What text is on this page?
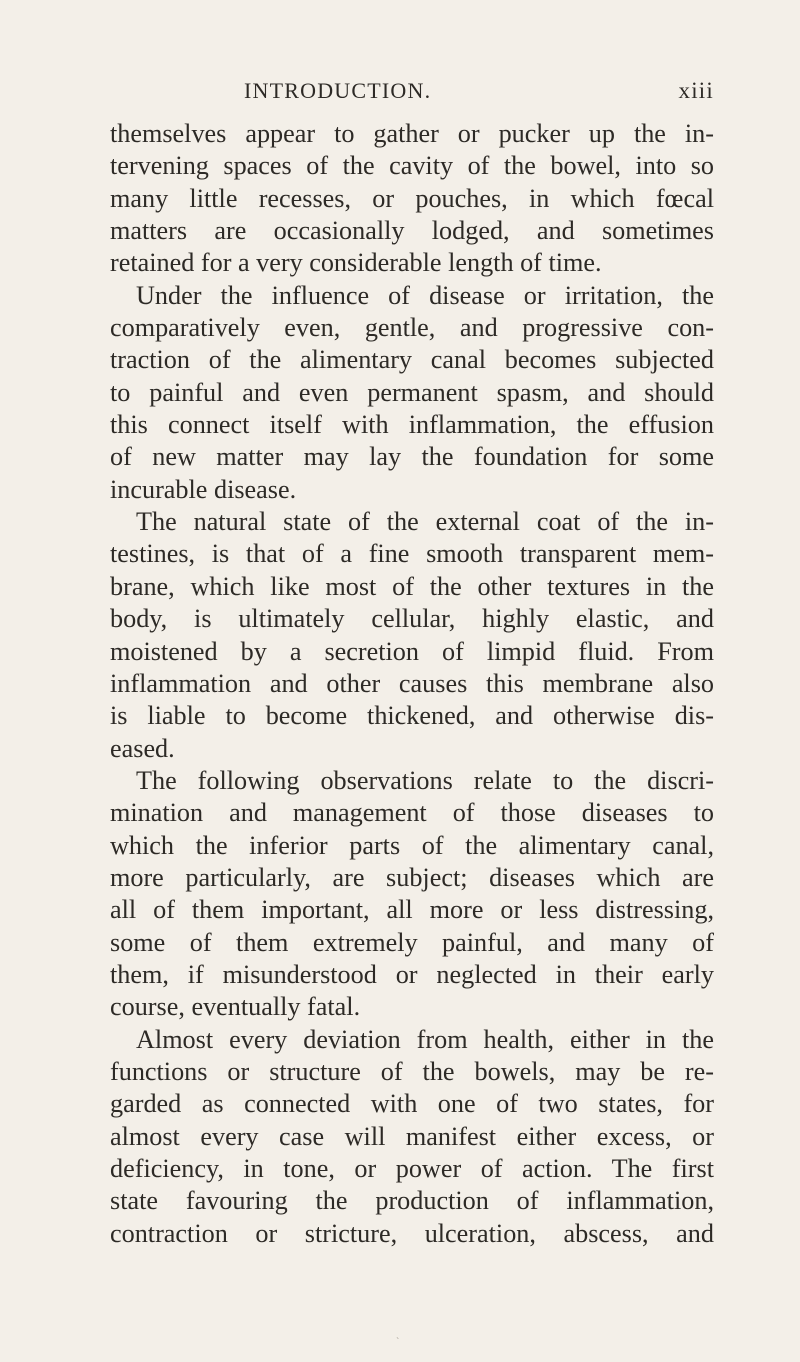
INTRODUCTION.	xiii
themselves appear to gather or pucker up the in-
tervening spaces of the cavity of the bowel, into so
many little recesses, or pouches, in which fœcal
matters are occasionally lodged, and sometimes
retained for a very considerable length of time.
Under the influence of disease or irritation, the
comparatively even, gentle, and progressive con-
traction of the alimentary canal becomes subjected
to painful and even permanent spasm, and should
this connect itself with inflammation, the effusion
of new matter may lay the foundation for some
incurable disease.
The natural state of the external coat of the in-
testines, is that of a fine smooth transparent mem-
brane, which like most of the other textures in the
body, is ultimately cellular, highly elastic, and
moistened by a secretion of limpid fluid. From
inflammation and other causes this membrane also
is liable to become thickened, and otherwise dis-
eased.
The following observations relate to the discri-
mination and management of those diseases to
which the inferior parts of the alimentary canal,
more particularly, are subject; diseases which are
all of them important, all more or less distressing,
some of them extremely painful, and many of
them, if misunderstood or neglected in their early
course, eventually fatal.
Almost every deviation from health, either in the
functions or structure of the bowels, may be re-
garded as connected with one of two states, for
almost every case will manifest either excess, or
deficiency, in tone, or power of action. The first
state favouring the production of inflammation,
contraction or stricture, ulceration, abscess, and
ˋ
